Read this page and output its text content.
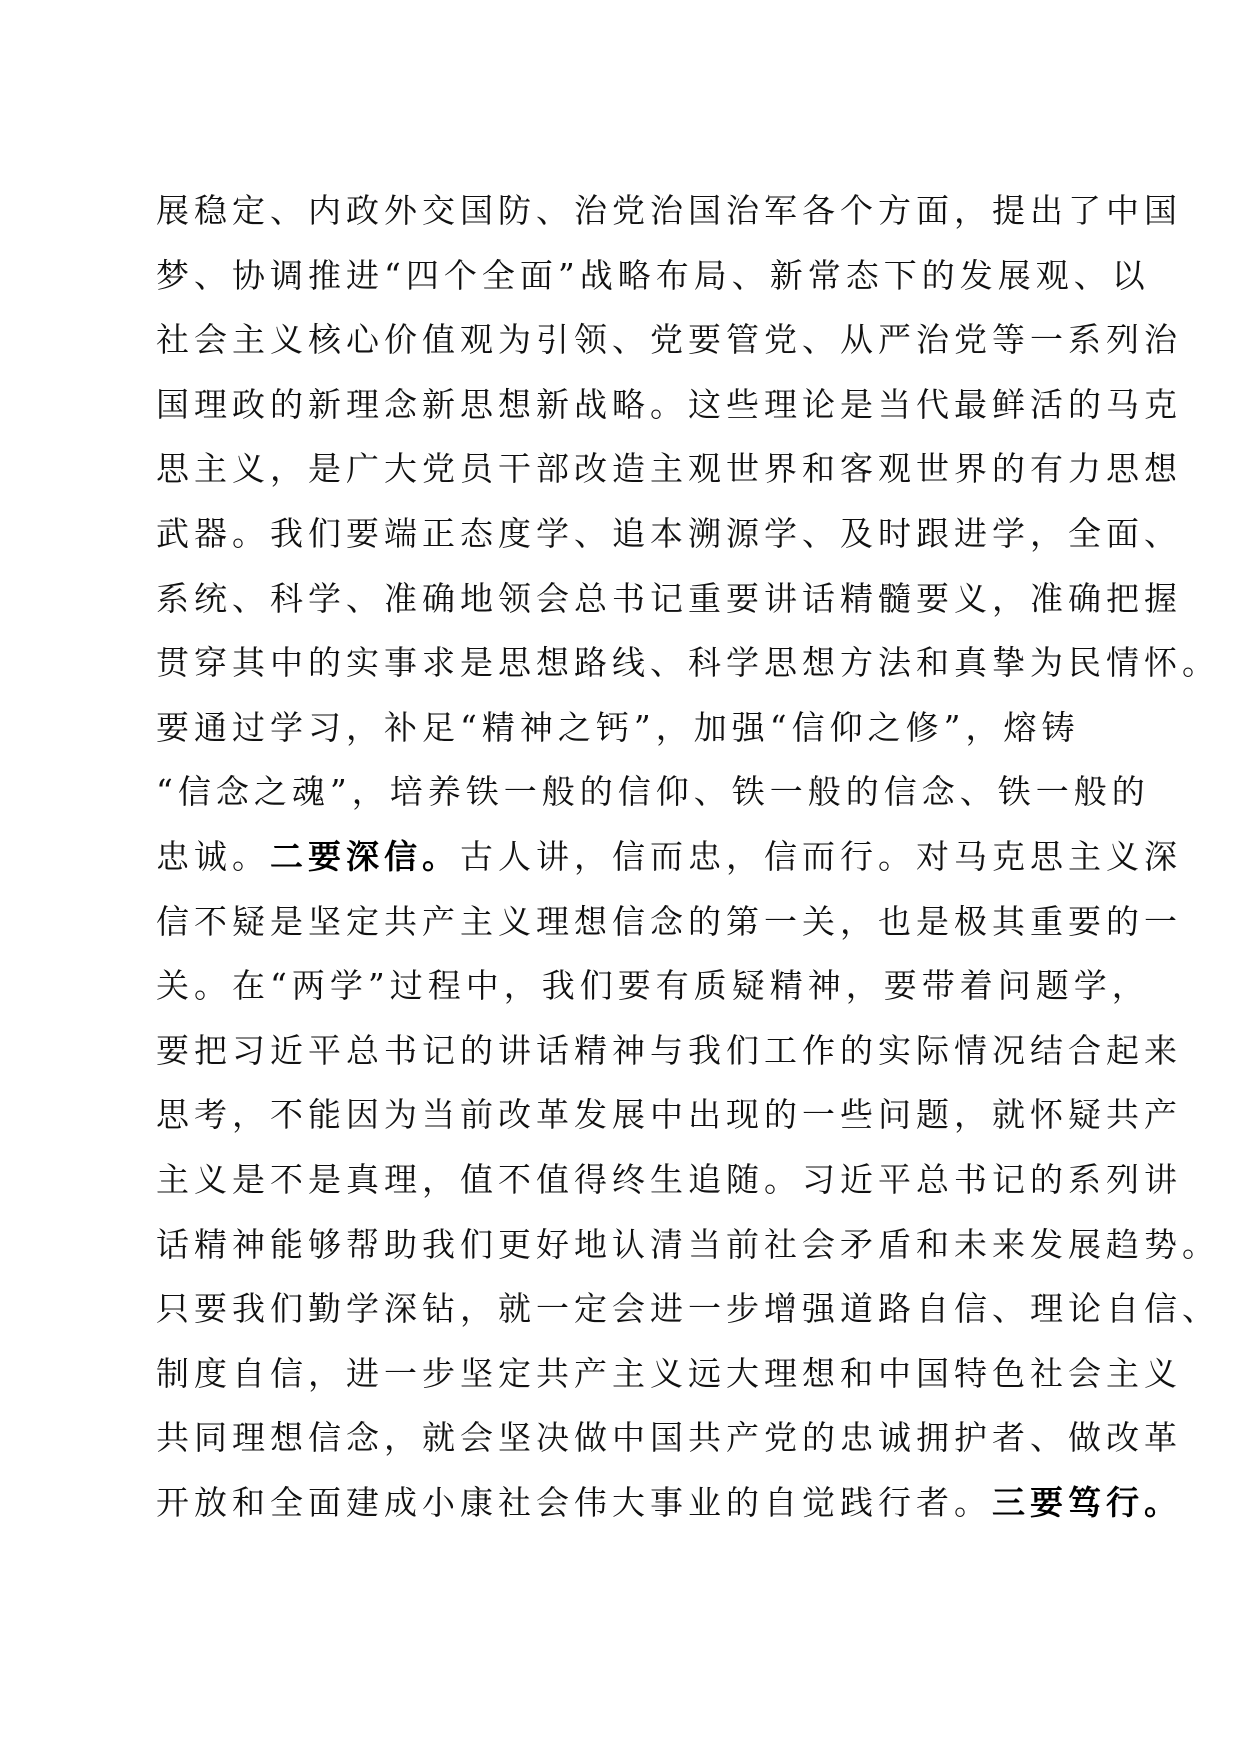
展稳定、内政外交国防、治党治国治军各个方面，提出了中国
梦、协调推进“四个全面”战略布局、新常态下的发展观、以
社会主义核心价值观为引领、党要管党、从严治党等一系列治
国理政的新理念新思想新战略。这些理论是当代最鲜活的马克
思主义，是广大党员干部改造主观世界和客观世界的有力思想
武器。我们要端正态度学、追本溯源学、及时跟进学，全面、
系统、科学、准确地领会总书记重要讲话精髓要义，准确把握
贯穿其中的实事求是思想路线、科学思想方法和真挚为民情怀。
要通过学习，补足“精神之钙”，加强“信仰之修”，熔铸
“信念之魂”，培养铁一般的信仰、铁一般的信念、铁一般的
忠诚。二要深信。古人讲，信而忠，信而行。对马克思主义深
信不疑是坚定共产主义理想信念的第一关，也是极其重要的一
关。在“两学”过程中，我们要有质疑精神，要带着问题学，
要把习近平总书记的讲话精神与我们工作的实际情况结合起来
思考，不能因为当前改革发展中出现的一些问题，就怀疑共产
主义是不是真理，值不值得终生追随。习近平总书记的系列讲
话精神能够帮助我们更好地认清当前社会矛盾和未来发展趋势。
只要我们勤学深钻，就一定会进一步增强道路自信、理论自信、
制度自信，进一步坚定共产主义远大理想和中国特色社会主义
共同理想信念，就会坚决做中国共产党的忠诚拥护者、做改革
开放和全面建成小康社会伟大事业的自觉践行者。三要笃行。
